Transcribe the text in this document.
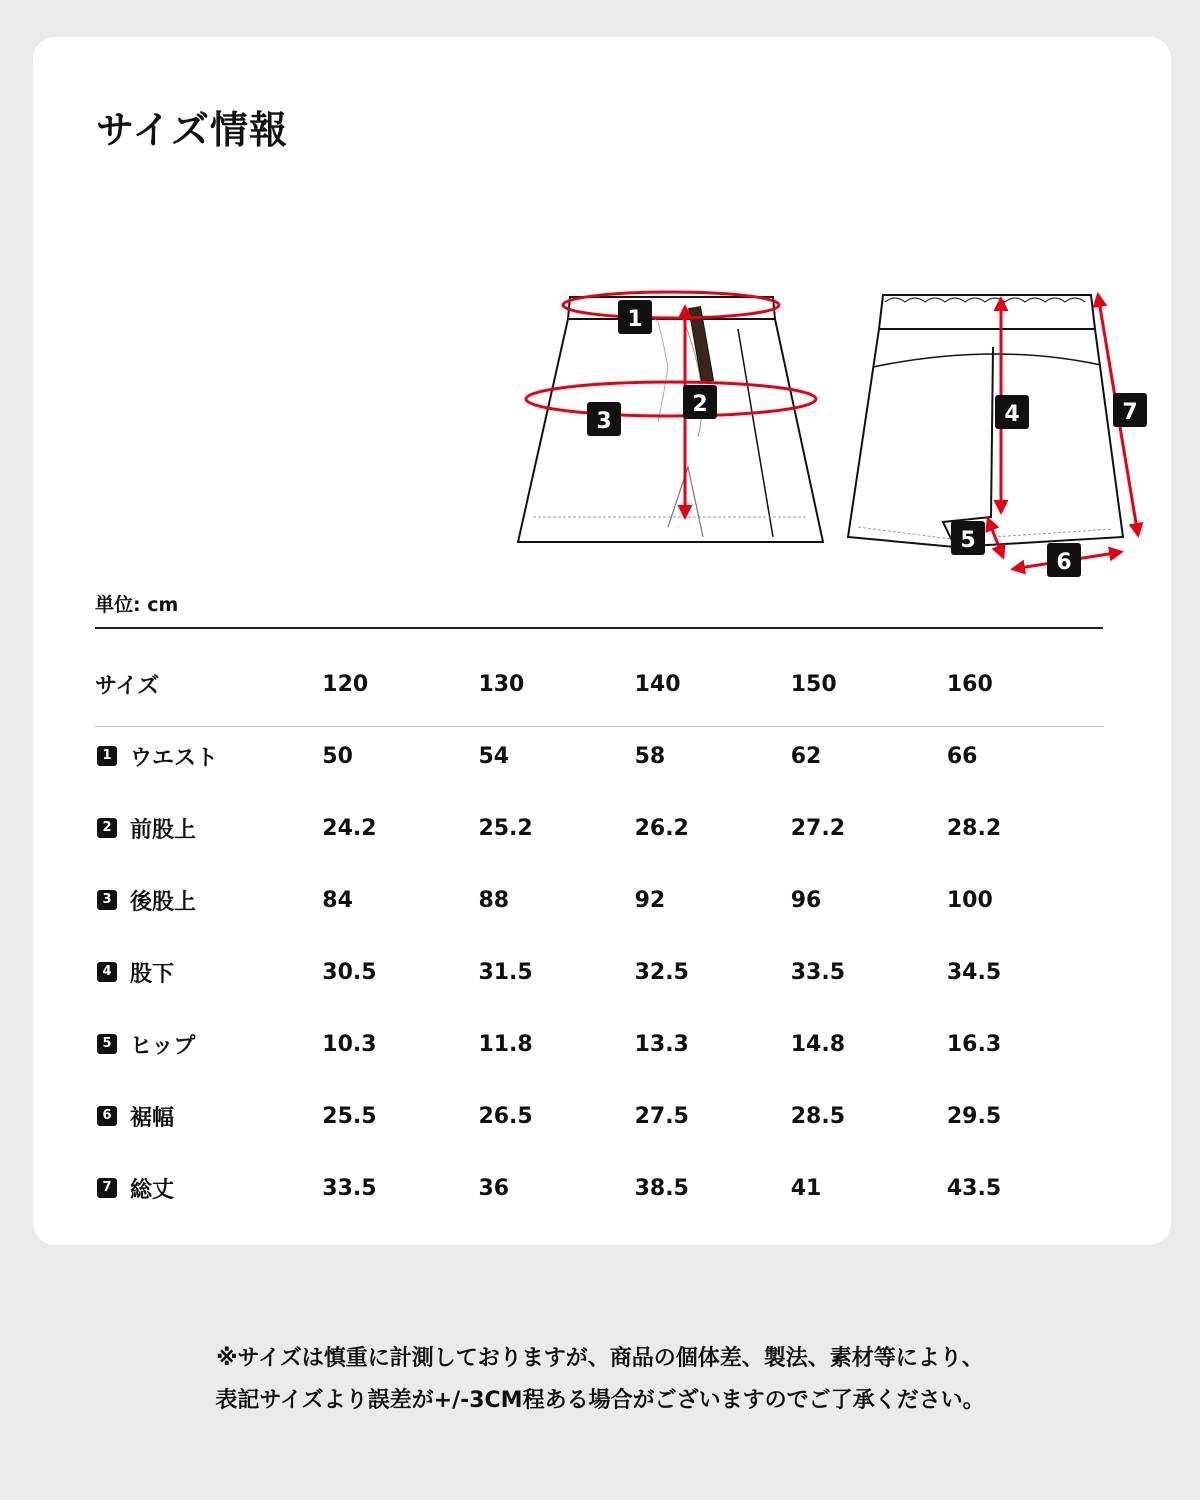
サイズ情報
1
2
3	4
5
6
7
単位: cm
サイズ	120	130	140	150	160
1 ウエスト	50	54	58	62	66
2 前股上	24.2	25.2	26.2	27.2	28.2
3 後股上	84	88	92	96	100
4 股下	30.5	31.5	32.5	33.5	34.5
5 ヒップ	10.3	11.8	13.3	14.8	16.3
6 裾幅	25.5	26.5	27.5	28.5	29.5
7 総丈	33.5	36	38.5	41	43.5
※サイズは慎重に計測しておりますが、商品の個体差、製法、素材等により、
表記サイズより誤差が+/-3CM程ある場合がございますのでご了承ください。
